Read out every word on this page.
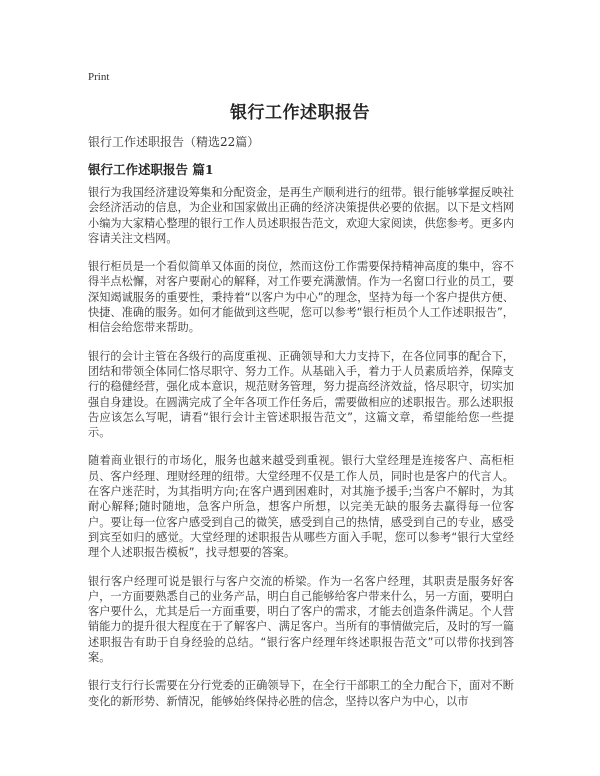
Print
银行工作述职报告
银行工作述职报告（精选22篇）
银行工作述职报告 篇1

银行为我国经济建设筹集和分配资金，是再生产顺利进行的纽带。银行能够掌握反映社会经济活动的信息，为企业和国家做出正确的经济决策提供必要的依据。以下是文档网小编为大家精心整理的银行工作人员述职报告范文，欢迎大家阅读，供您参考。更多内容请关注文档网。

银行柜员是一个看似简单又体面的岗位，然而这份工作需要保持精神高度的集中，容不得半点松懈，对客户要耐心的解释，对工作要充满激情。作为一名窗口行业的员工，要深知竭诚服务的重要性，秉持着“以客户为中心”的理念，坚持为每一个客户提供方便、快捷、准确的服务。如何才能做到这些呢，您可以参考“银行柜员个人工作述职报告”，相信会给您带来帮助。

银行的会计主管在各级行的高度重视、正确领导和大力支持下，在各位同事的配合下，团结和带领全体同仁恪尽职守、努力工作。从基础入手，着力于人员素质培养，保障支行的稳健经营，强化成本意识，规范财务管理，努力提高经济效益，恪尽职守，切实加强自身建设。在圆满完成了全年各项工作任务后，需要做相应的述职报告。那么述职报告应该怎么写呢，请看“银行会计主管述职报告范文”，这篇文章，希望能给您一些提示。

随着商业银行的市场化，服务也越来越受到重视。银行大堂经理是连接客户、高柜柜员、客户经理、理财经理的纽带。大堂经理不仅是工作人员，同时也是客户的代言人。在客户迷茫时，为其指明方向;在客户遇到困难时，对其施予援手;当客户不解时，为其耐心解释;随时随地，急客户所急，想客户所想，以完美无缺的服务去赢得每一位客户。要让每一位客户感受到自己的微笑，感受到自己的热情，感受到自己的专业，感受到宾至如归的感觉。大堂经理的述职报告从哪些方面入手呢，您可以参考“银行大堂经理个人述职报告模板”，找寻想要的答案。

银行客户经理可说是银行与客户交流的桥梁。作为一名客户经理，其职责是服务好客户，一方面要熟悉自己的业务产品，明白自己能够给客户带来什么，另一方面，要明白客户要什么，尤其是后一方面重要，明白了客户的需求，才能去创造条件满足。个人营销能力的提升很大程度在于了解客户、满足客户。当所有的事情做完后，及时的写一篇述职报告有助于自身经验的总结。“银行客户经理年终述职报告范文”可以带你找到答案。

银行支行行长需要在分行党委的正确领导下，在全行干部职工的全力配合下，面对不断变化的新形势、新情况，能够始终保持必胜的信念，坚持以客户为中心，以市
